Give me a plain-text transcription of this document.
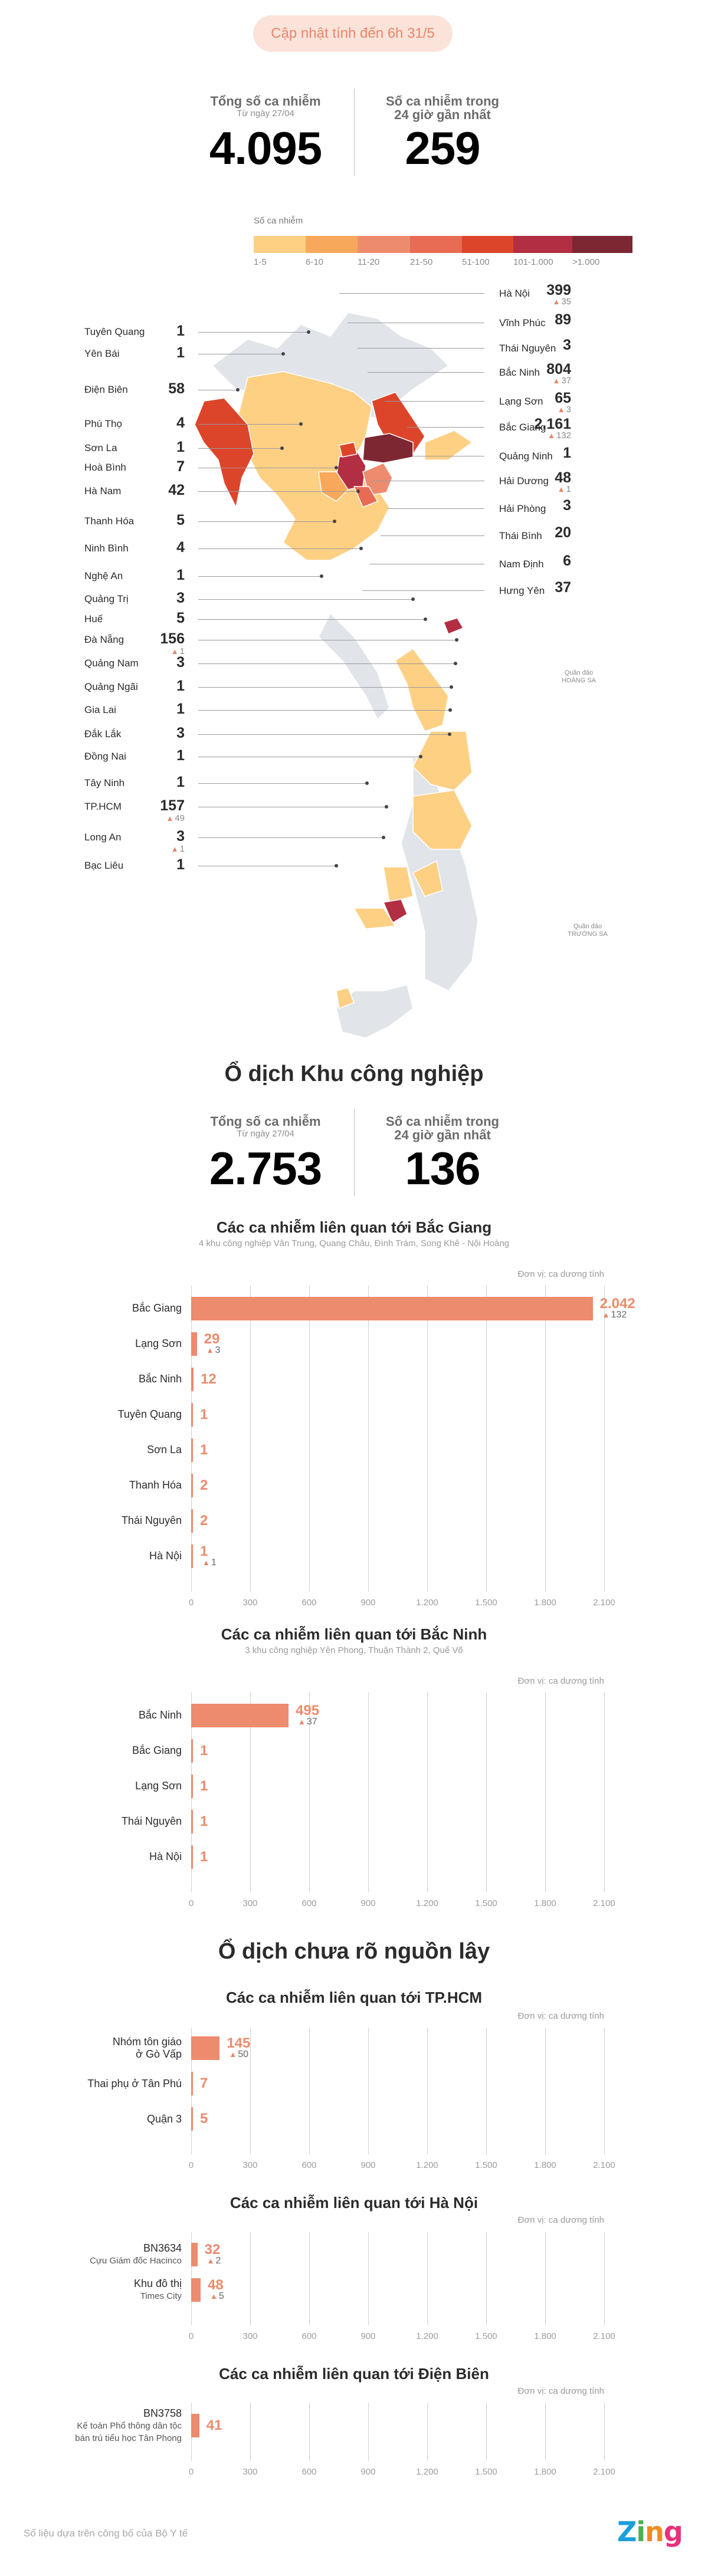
Cập nhật tính đến 6h 31/5
Tổng số ca nhiễm
Từ ngày 27/04
4.095
Số ca nhiễm trong
24 giờ gần nhất
259
Số ca nhiễm
1-5	6-10	11-20	21-50	51-100	101-1.000 >1.000
Quần đảo
HOÀNG SA
Quần đảo
TRƯỜNG SA
Tuyên Quang	1
Yên Bái	1
Điện Biên	58
Phú Thọ	4
Sơn La	1
Hoà Bình	7
Hà Nam	42
Thanh Hóa	5
Ninh Bình	4
Nghệ An	1
Quảng Trị	3
Huế	5
Đà Nẵng	156
▲ 1
Quảng Nam	3
Quảng Ngãi	1
Gia Lai	1
Đắk Lắk	3
Đồng Nai	1
Tây Ninh	1
TP.HCM	157
▲ 49
Long An	3
▲ 1
Bạc Liêu	1
Hà Nội	399
▲ 35
Vĩnh Phúc 89
Thái Nguyên 3
Bắc Ninh 804
▲ 37
Lạng Sơn 65
▲ 3
Bắc Giang
2.161
▲ 132
Quảng Ninh 1
Hải Dương 48
▲ 1
Hải Phòng	3
Thái Bình 20
Nam Định	6
Hưng Yên 37
Ổ dịch Khu công nghiệp
Tổng số ca nhiễm
Từ ngày 27/04
2.753
Số ca nhiễm trong
24 giờ gần nhất
136
Ổ dịch chưa rõ nguồn lây
Các ca nhiễm liên quan tới Bắc Giang
4 khu công nghiệp Vân Trung, Quang Châu, Đình Trám, Song Khê - Nội Hoàng
Đơn vị: ca dương tính
0	300	600	900	1.200	1.500	1.800	2.100
Bắc Giang	2.042
▲ 132
Lạng Sơn 29
▲ 3
Bắc Ninh 12
Tuyên Quang 1
Sơn La 1
Thanh Hóa 2
Thái Nguyên 2
Hà Nội 1
▲ 1
Các ca nhiễm liên quan tới Bắc Ninh
3 khu công nghiệp Yên Phong, Thuận Thành 2, Quế Võ
Đơn vị: ca dương tính
0	300	600	900	1.200	1.500	1.800	2.100
Bắc Ninh	495
▲ 37
Bắc Giang 1
Lạng Sơn 1
Thái Nguyên 1
Hà Nội 1
Các ca nhiễm liên quan tới TP.HCM
Đơn vị: ca dương tính
0	300	600	900	1.200	1.500	1.800	2.100
Nhóm tôn giáo
ở Gò Vấp
145
▲ 50
Thai phụ ở Tân Phú 7
Quận 3 5
Các ca nhiễm liên quan tới Hà Nội
Đơn vị: ca dương tính
0	300	600	900	1.200	1.500	1.800	2.100
BN3634
Cựu Giám đốc Hacinco
32
▲ 2
Khu đô thị
Times City
48
▲ 5
Các ca nhiễm liên quan tới Điện Biên
Đơn vị: ca dương tính
0	300	600	900	1.200	1.500	1.800	2.100
BN3758
Kế toán Phổ thông dân tộc
bán trú tiểu học Tân Phong
41
Số liệu dựa trên công bố của Bộ Y tế	Zing
